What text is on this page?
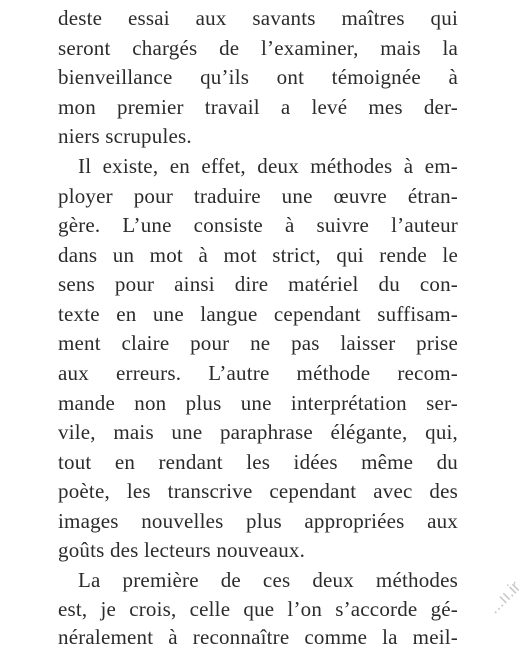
deste essai aux savants maîtres qui
seront chargés de l’examiner, mais la
bienveillance qu’ils ont témoignée à
mon premier travail a levé mes der-
niers scrupules.
Il existe, en effet, deux méthodes à em-
ployer pour traduire une œuvre étran-
gère. L’une consiste à suivre l’auteur
dans un mot à mot strict, qui rende le
sens pour ainsi dire matériel du con-
texte en une langue cependant suffisam-
ment claire pour ne pas laisser prise
aux erreurs. L’autre méthode recom-
mande non plus une interprétation ser-
vile, mais une paraphrase élégante, qui,
tout en rendant les idées même du
poète, les transcrive cependant avec des
images nouvelles plus appropriées aux
goûts des lecteurs nouveaux.
La première de ces deux méthodes
est, je crois, celle que l’on s’accorde gé-
néralement à reconnaître comme la meil-
...ıı.ir
